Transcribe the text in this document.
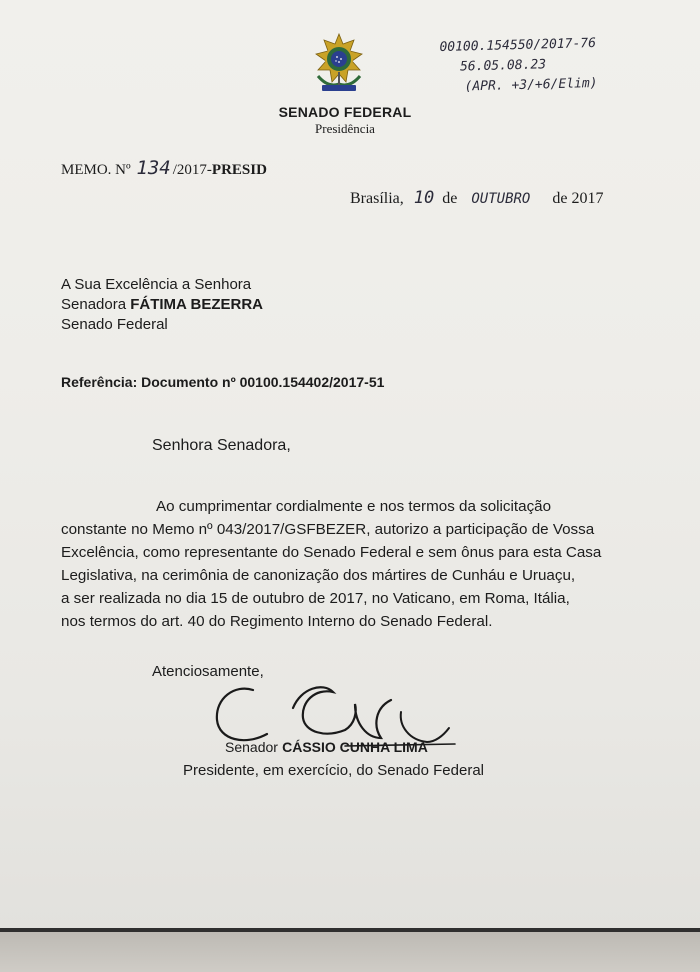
SENADO FEDERAL
Presidência
00100.154550/2017-76
56.05.08.23
(APR. +3/+6/Elim)
MEMO. Nº 134 /2017-PRESID
Brasília, 10 de OUTUBRO de 2017
A Sua Excelência a Senhora
Senadora FÁTIMA BEZERRA
Senado Federal
Referência: Documento nº 00100.154402/2017-51
Senhora Senadora,
Ao cumprimentar cordialmente e nos termos da solicitação
constante no Memo nº 043/2017/GSFBEZER, autorizo a participação de Vossa
Excelência, como representante do Senado Federal e sem ônus para esta Casa
Legislativa, na cerimônia de canonização dos mártires de Cunháu e Uruaçu,
a ser realizada no dia 15 de outubro de 2017, no Vaticano, em Roma, Itália,
nos termos do art. 40 do Regimento Interno do Senado Federal.
Atenciosamente,
Senador CÁSSIO CUNHA LIMA
Presidente, em exercício, do Senado Federal
